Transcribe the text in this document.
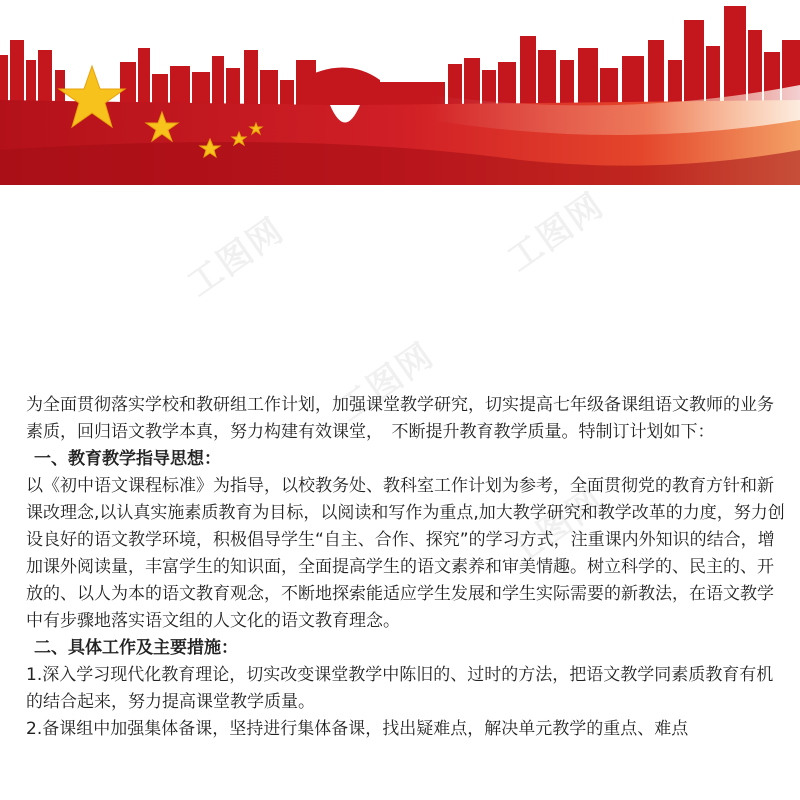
工图网	工图网
工图网
工图网

为全面贯彻落实学校和教研组工作计划，加强课堂教学研究，切实提高七年级备课组语文教师的业务素质，回归语文教学本真，努力构建有效课堂，　不断提升教育教学质量。特制订计划如下：

一、教育教学指导思想：

以《初中语文课程标准》为指导，以校教务处、教科室工作计划为参考，全面贯彻党的教育方针和新课改理念,以认真实施素质教育为目标，以阅读和写作为重点,加大教学研究和教学改革的力度，努力创设良好的语文教学环境，积极倡导学生“自主、合作、探究”的学习方式，注重课内外知识的结合，增加课外阅读量，丰富学生的知识面，全面提高学生的语文素养和审美情趣。树立科学的、民主的、开放的、以人为本的语文教育观念，不断地探索能适应学生发展和学生实际需要的新教法，在语文教学中有步骤地落实语文组的人文化的语文教育理念。

二、具体工作及主要措施：

1.深入学习现代化教育理论，切实改变课堂教学中陈旧的、过时的方法，把语文教学同素质教育有机的结合起来，努力提高课堂教学质量。

2.备课组中加强集体备课，坚持进行集体备课，找出疑难点，解决单元教学的重点、难点
